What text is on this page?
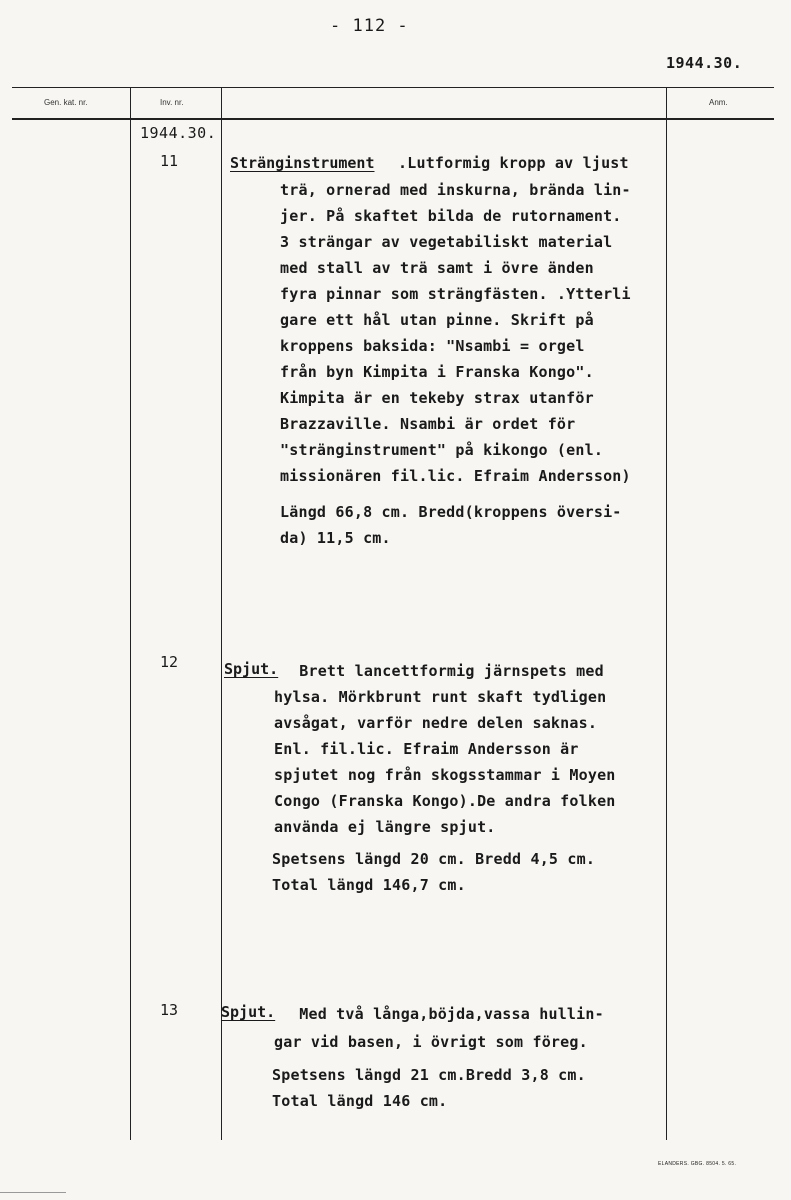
- 112 -
1944.30.
Gen. kat. nr.	Inv. nr.	Anm.
1944.30.
11	Stränginstrument .Lutformig kropp av ljust
trä, ornerad med inskurna, brända lin-
jer. På skaftet bilda de rutornament.
3 strängar av vegetabiliskt material
med stall av trä samt i övre änden
fyra pinnar som strängfästen. .Ytterli
gare ett hål utan pinne. Skrift på
kroppens baksida: "Nsambi = orgel
från byn Kimpita i Franska Kongo".
Kimpita är en tekeby strax utanför
Brazzaville. Nsambi är ordet för
"stränginstrument" på kikongo (enl.
missionären fil.lic. Efraim Andersson)
Längd 66,8 cm. Bredd(kroppens översi-
da) 11,5 cm.
12	Spjut. Brett lancettformig järnspets med
hylsa. Mörkbrunt runt skaft tydligen
avsågat, varför nedre delen saknas.
Enl. fil.lic. Efraim Andersson är
spjutet nog från skogsstammar i Moyen
Congo (Franska Kongo).De andra folken
använda ej längre spjut.
Spetsens längd 20 cm. Bredd 4,5 cm.
Total längd 146,7 cm.
13	Spjut. Med två långa,böjda,vassa hullin-
gar vid basen, i övrigt som föreg.
Spetsens längd 21 cm.Bredd 3,8 cm.
Total längd 146 cm.
ELANDERS. GBG. 8504. 5. 65.
